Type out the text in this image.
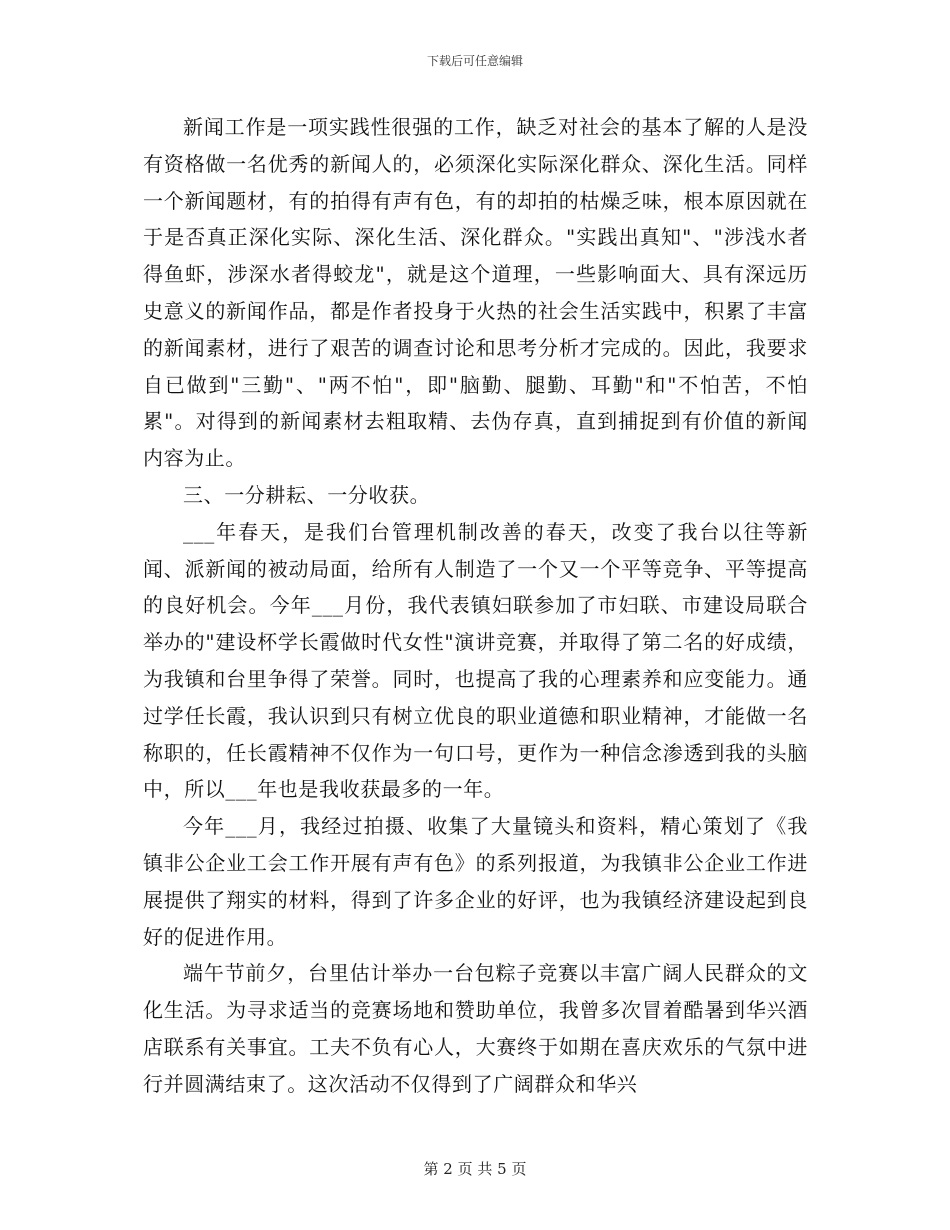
下载后可任意编辑

新闻工作是一项实践性很强的工作，缺乏对社会的基本了解的人是没有资格做一名优秀的新闻人的，必须深化实际深化群众、深化生活。同样一个新闻题材，有的拍得有声有色，有的却拍的枯燥乏味，根本原因就在于是否真正深化实际、深化生活、深化群众。"实践出真知"、"涉浅水者得鱼虾，涉深水者得蛟龙"，就是这个道理，一些影响面大、具有深远历史意义的新闻作品，都是作者投身于火热的社会生活实践中，积累了丰富的新闻素材，进行了艰苦的调查讨论和思考分析才完成的。因此，我要求自已做到"三勤"、"两不怕"，即"脑勤、腿勤、耳勤"和"不怕苦，不怕累"。对得到的新闻素材去粗取精、去伪存真，直到捕捉到有价值的新闻内容为止。

三、一分耕耘、一分收获。

___年春天，是我们台管理机制改善的春天，改变了我台以往等新闻、派新闻的被动局面，给所有人制造了一个又一个平等竞争、平等提高的良好机会。今年___月份，我代表镇妇联参加了市妇联、市建设局联合举办的"建设杯学长霞做时代女性"演讲竞赛，并取得了第二名的好成绩，为我镇和台里争得了荣誉。同时，也提高了我的心理素养和应变能力。通过学任长霞，我认识到只有树立优良的职业道德和职业精神，才能做一名称职的，任长霞精神不仅作为一句口号，更作为一种信念渗透到我的头脑中，所以___年也是我收获最多的一年。

今年___月，我经过拍摄、收集了大量镜头和资料，精心策划了《我镇非公企业工会工作开展有声有色》的系列报道，为我镇非公企业工作进展提供了翔实的材料，得到了许多企业的好评，也为我镇经济建设起到良好的促进作用。

端午节前夕，台里估计举办一台包粽子竞赛以丰富广阔人民群众的文化生活。为寻求适当的竞赛场地和赞助单位，我曾多次冒着酷暑到华兴酒店联系有关事宜。工夫不负有心人，大赛终于如期在喜庆欢乐的气氛中进行并圆满结束了。这次活动不仅得到了广阔群众和华兴

第 2 页 共 5 页
